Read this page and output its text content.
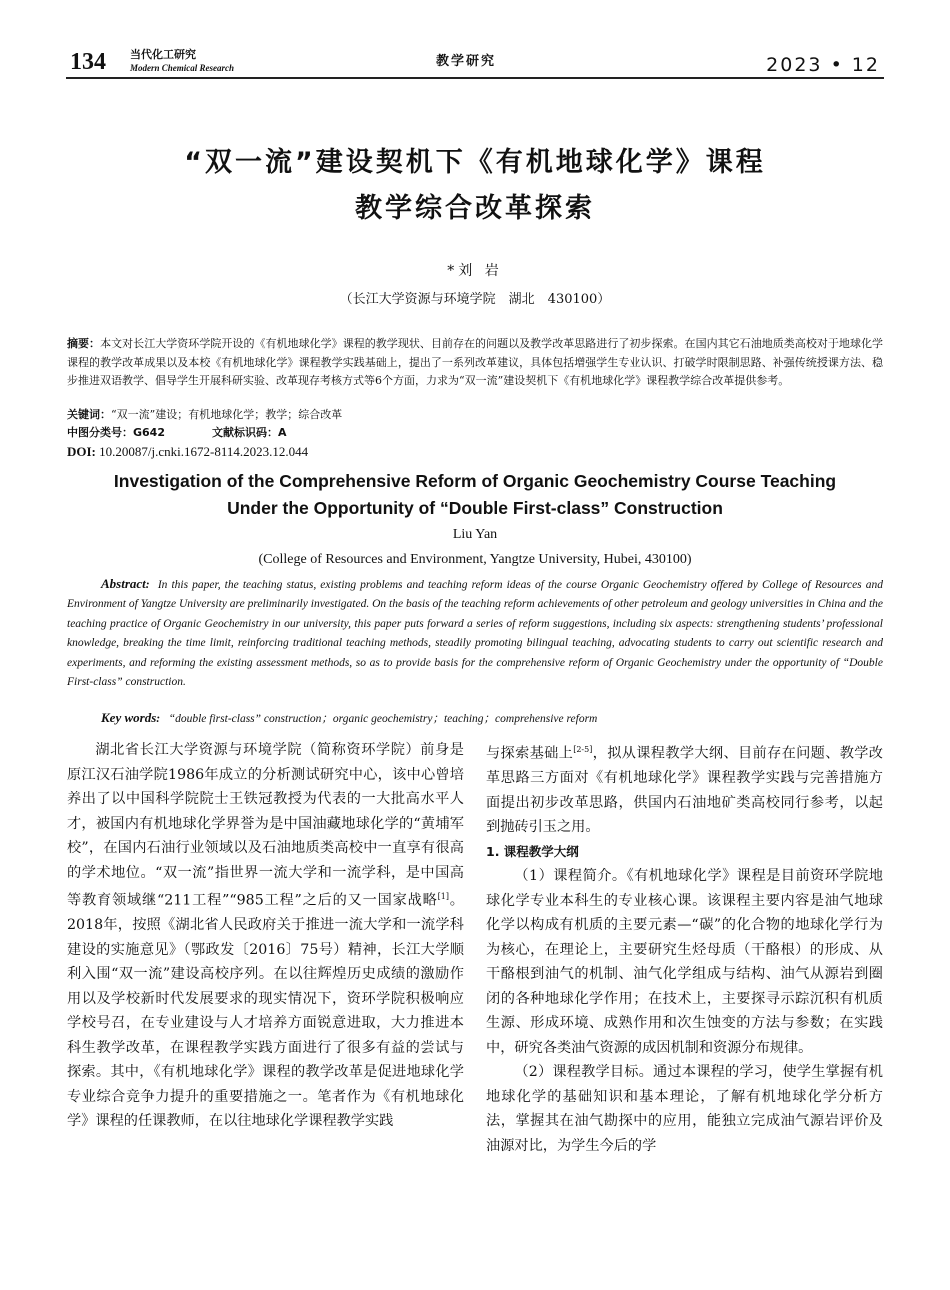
134 当代化工研究
Modern Chemical Research	教学研究	2023 • 12
“双一流”建设契机下《有机地球化学》课程
教学综合改革探索
*刘 岩
（长江大学资源与环境学院　湖北　430100）
摘要：本文对长江大学资环学院开设的《有机地球化学》课程的教学现状、目前存在的问题以及教学改革思路进行了初步探索。在国内其它石油地质类高校对于地球化学课程的教学改革成果以及本校《有机地球化学》课程教学实践基础上，提出了一系列改革建议，具体包括增强学生专业认识、打破学时限制思路、补强传统授课方法、稳步推进双语教学、倡导学生开展科研实验、改革现存考核方式等6个方面，力求为“双一流”建设契机下《有机地球化学》课程教学综合改革提供参考。
关键词：“双一流”建设；有机地球化学；教学；综合改革
中图分类号：G642	文献标识码：A
DOI: 10.20087/j.cnki.1672-8114.2023.12.044
Investigation of the Comprehensive Reform of Organic Geochemistry Course Teaching
Under the Opportunity of “Double First-class” Construction
Liu Yan
(College of Resources and Environment, Yangtze University, Hubei, 430100)
Abstract: In this paper, the teaching status, existing problems and teaching reform ideas of the course Organic Geochemistry offered by College of Resources and Environment of Yangtze University are preliminarily investigated. On the basis of the teaching reform achievements of other petroleum and geology universities in China and the teaching practice of Organic Geochemistry in our university, this paper puts forward a series of reform suggestions, including six aspects: strengthening students’ professional knowledge, breaking the time limit, reinforcing traditional teaching methods, steadily promoting bilingual teaching, advocating students to carry out scientific research and experiments, and reforming the existing assessment methods, so as to provide basis for the comprehensive reform of Organic Geochemistry under the opportunity of “Double First-class” construction.
Key words: “double first-class” construction；organic geochemistry；teaching；comprehensive reform

湖北省长江大学资源与环境学院（简称资环学院）前身是原江汉石油学院1986年成立的分析测试研究中心，该中心曾培养出了以中国科学院院士王铁冠教授为代表的一大批高水平人才，被国内有机地球化学界誉为是中国油藏地球化学的“黄埔军校”，在国内石油行业领域以及石油地质类高校中一直享有很高的学术地位。“双一流”指世界一流大学和一流学科，是中国高等教育领域继“211工程”“985工程”之后的又一国家战略[1]。2018年，按照《湖北省人民政府关于推进一流大学和一流学科建设的实施意见》（鄂政发〔2016〕75号）精神，长江大学顺利入围“双一流”建设高校序列。在以往辉煌历史成绩的激励作用以及学校新时代发展要求的现实情况下，资环学院积极响应学校号召，在专业建设与人才培养方面锐意进取，大力推进本科生教学改革，在课程教学实践方面进行了很多有益的尝试与探索。其中，《有机地球化学》课程的教学改革是促进地球化学专业综合竞争力提升的重要措施之一。笔者作为《有机地球化学》课程的任课教师，在以往地球化学课程教学实践

与探索基础上[2-5]，拟从课程教学大纲、目前存在问题、教学改革思路三方面对《有机地球化学》课程教学实践与完善措施方面提出初步改革思路，供国内石油地矿类高校同行参考，以起到抛砖引玉之用。

1. 课程教学大纲

（1）课程简介。《有机地球化学》课程是目前资环学院地球化学专业本科生的专业核心课。该课程主要内容是油气地球化学以构成有机质的主要元素—“碳”的化合物的地球化学行为为核心，在理论上，主要研究生烃母质（干酪根）的形成、从干酪根到油气的机制、油气化学组成与结构、油气从源岩到圈闭的各种地球化学作用；在技术上，主要探寻示踪沉积有机质生源、形成环境、成熟作用和次生蚀变的方法与参数；在实践中，研究各类油气资源的成因机制和资源分布规律。

（2）课程教学目标。通过本课程的学习，使学生掌握有机地球化学的基础知识和基本理论，了解有机地球化学分析方法，掌握其在油气勘探中的应用，能独立完成油气源岩评价及油源对比，为学生今后的学
